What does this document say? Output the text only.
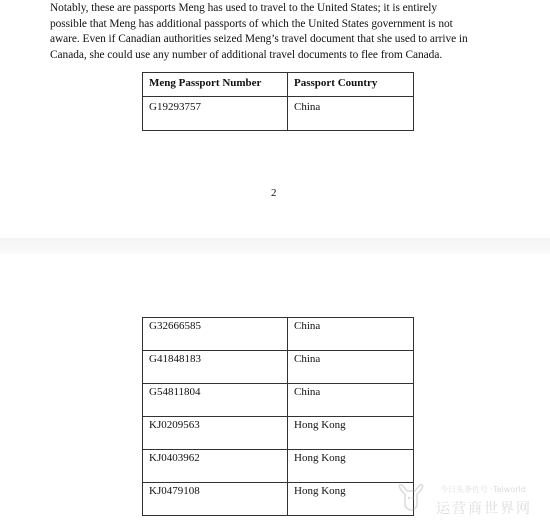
Notably, these are passports Meng has used to travel to the United States; it is entirely
possible that Meng has additional passports of which the United States government is not
aware. Even if Canadian authorities seized Meng’s travel document that she used to arrive in
Canada, she could use any number of additional travel documents to flee from Canada.
Meng Passport Number	Passport Country
G19293757	China
2
G32666585	China
G41848183	China
G54811804	China
KJ0209563	Hong Kong
KJ0403962	Hong Kong
KJ0479108	Hong Kong	今日头条佐号 ·Telworld
运营商世界网
